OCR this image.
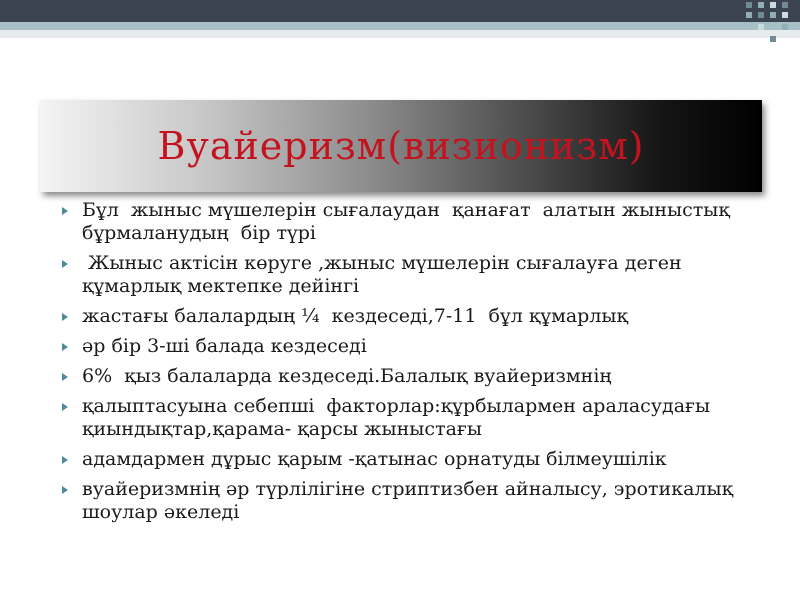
Вуайеризм(визионизм)
Бұл  жыныс мүшелерін сығалаудан  қанағат  алатын жыныстық  бұрмаланудың  бір түрі
Жыныс актісін көруге ,жыныс мүшелерін сығалауға деген құмарлық мектепке дейінгі
жастағы балалардың ¼  кездеседі,7-11  бұл құмарлық
әр бір 3-ші балада кездеседі
6%  қыз балаларда кездеседі.Балалық вуайеризмнің
қалыптасуына себепші  факторлар:құрбылармен араласудағы қиындықтар,қарама- қарсы жыныстағы
адамдармен дұрыс қарым -қатынас орнатуды білмеушілік
вуайеризмнің әр түрлілігіне стриптизбен айналысу, эротикалық шоулар әкеледі
